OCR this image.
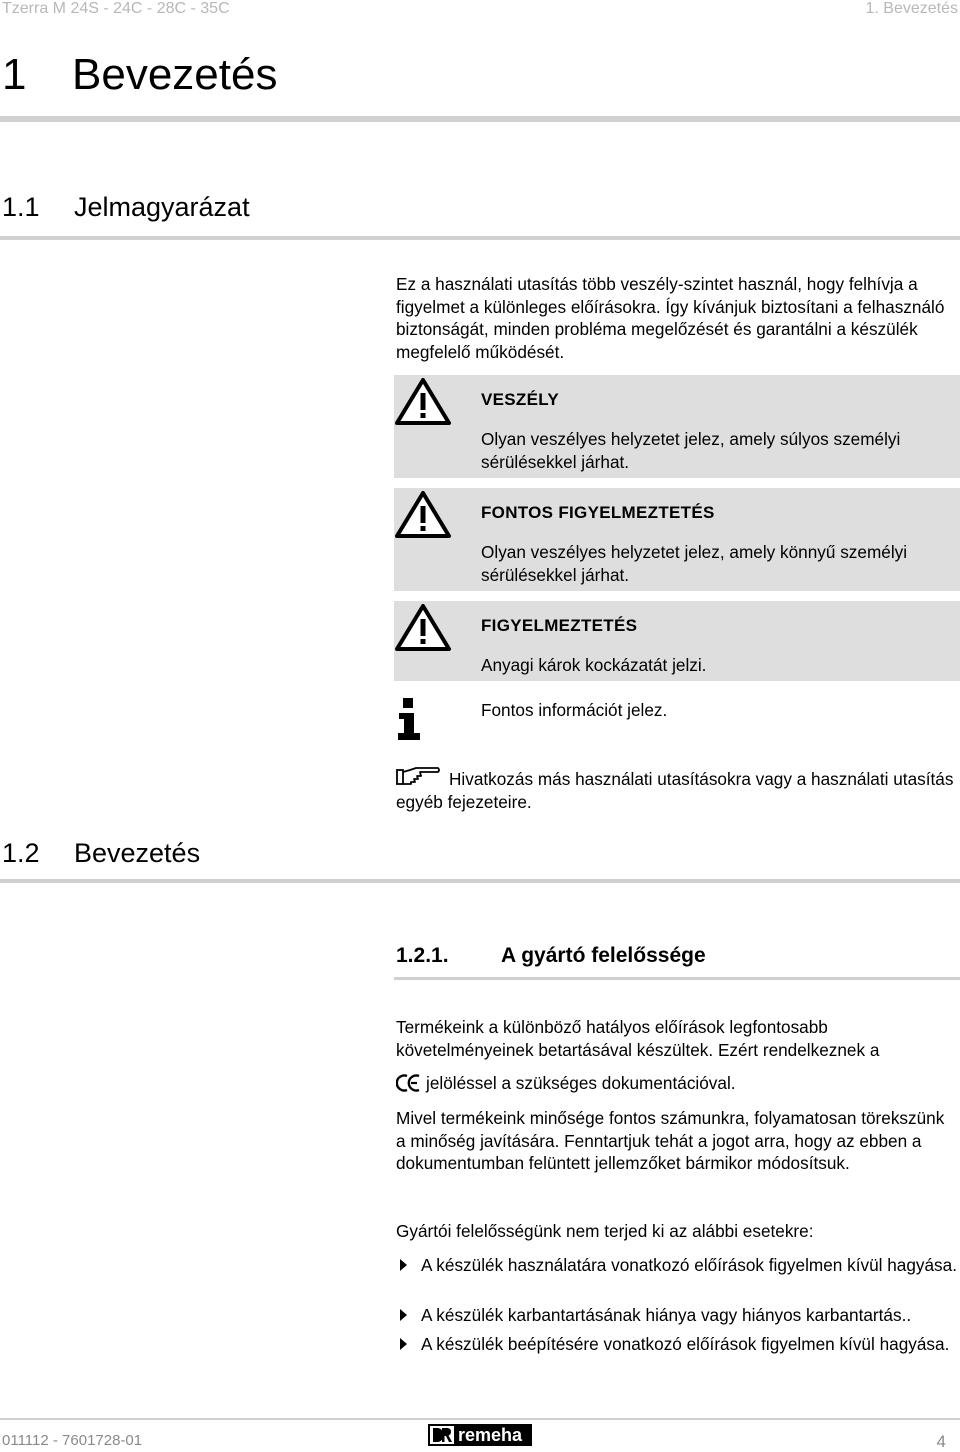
Tzerra M 24S - 24C - 28C - 35C	1. Bevezetés
1 Bevezetés
1.1 Jelmagyarázat
Ez a használati utasítás több veszély-szintet használ, hogy felhívja a figyelmet a különleges előírásokra. Így kívánjuk biztosítani a felhasználó biztonságát, minden probléma megelőzését és garantálni a készülék megfelelő működését.
VESZÉLY
Olyan veszélyes helyzetet jelez, amely súlyos személyi sérülésekkel járhat.
FONTOS FIGYELMEZTETÉS
Olyan veszélyes helyzetet jelez, amely könnyű személyi sérülésekkel járhat.
FIGYELMEZTETÉS
Anyagi károk kockázatát jelzi.
Fontos információt jelez.
Hivatkozás más használati utasításokra vagy a használati utasítás egyéb fejezeteire.
1.2 Bevezetés
1.2.1. A gyártó felelőssége
Termékeink a különböző hatályos előírások legfontosabb követelményeinek betartásával készültek. Ezért rendelkeznek a
jelöléssel a szükséges dokumentációval.
Mivel termékeink minősége fontos számunkra, folyamatosan törekszünk a minőség javítására. Fenntartjuk tehát a jogot arra, hogy az ebben a dokumentumban felüntett jellemzőket bármikor módosítsuk.
Gyártói felelősségünk nem terjed ki az alábbi esetekre:
A készülék használatára vonatkozó előírások figyelmen kívül hagyása.
A készülék karbantartásának hiánya vagy hiányos karbantartás..
A készülék beépítésére vonatkozó előírások figyelmen kívül hagyása.
011112 - 7601728-01	remeha	4
